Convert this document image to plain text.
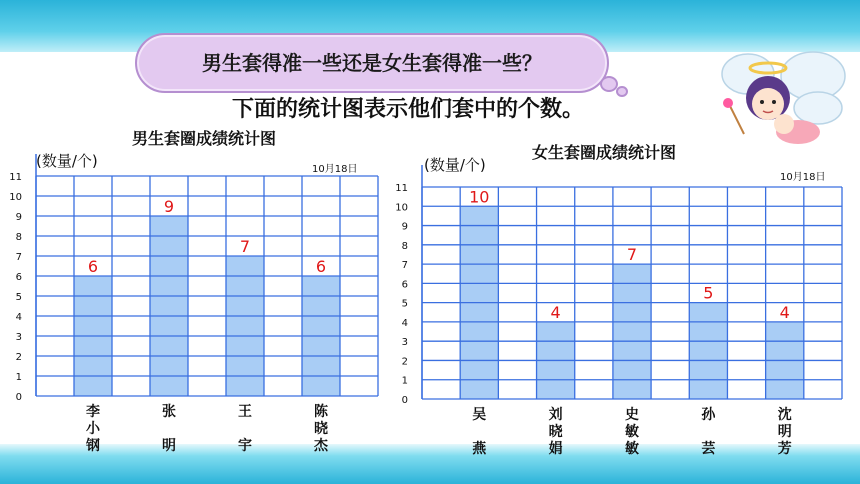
男生套得准一些还是女生套得准一些？
下面的统计图表示他们套中的个数。
男生套圈成绩统计图
(数量/个)	10月18日
0
1
2
3
4
5
6
7
8
9
10
11
6
9
7
6
李
小
钢
张
明
王
宇
陈
晓
杰
女生套圈成绩统计图
(数量/个)
10月18日
0
1
2
3
4
5
6
7
8
9
10
11	10
4
7
5
4
吴
燕
刘
晓
娟
史
敏
敏
孙
芸
沈
明
芳
